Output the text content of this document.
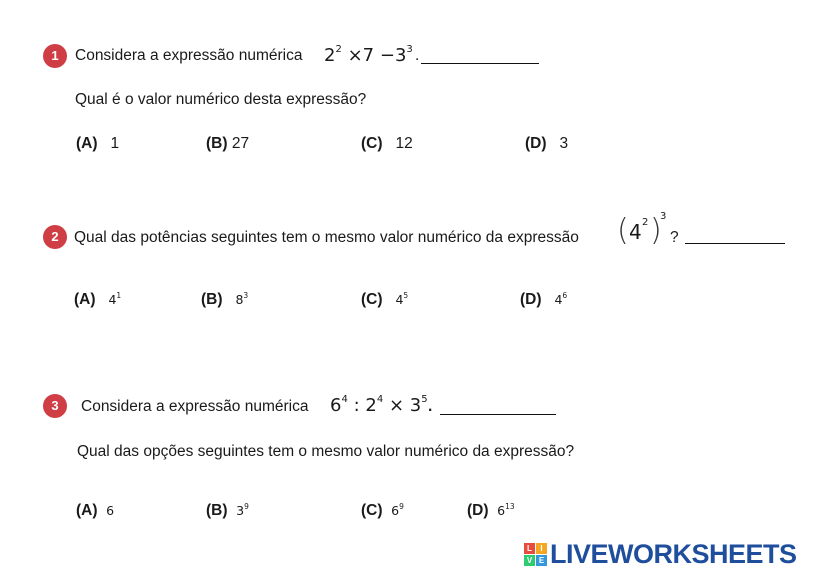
1	Considera a expressão numérica $2^2 \times 7 -3^3$ .
Qual é o valor numérico desta expressão?
(A) 1	(B) 27	(C) 12	(D) 3
2 Qual das potências seguintes tem o mesmo valor numérico da expressão ( 4 2 )
3
?
(A) $4^1$	(B) $8^3$	(C) $4^5$	(D) $4^6$
3	Considera a expressão numérica $6^4$ : $2^4 \times 3^5$ .
Qual das opções seguintes tem o mesmo valor numérico da expressão?
(A) 6	(B) $3^9$	(C) $6^9$	(D) $6^{13}$
L	I
V E LIVEWORKSHEETS
